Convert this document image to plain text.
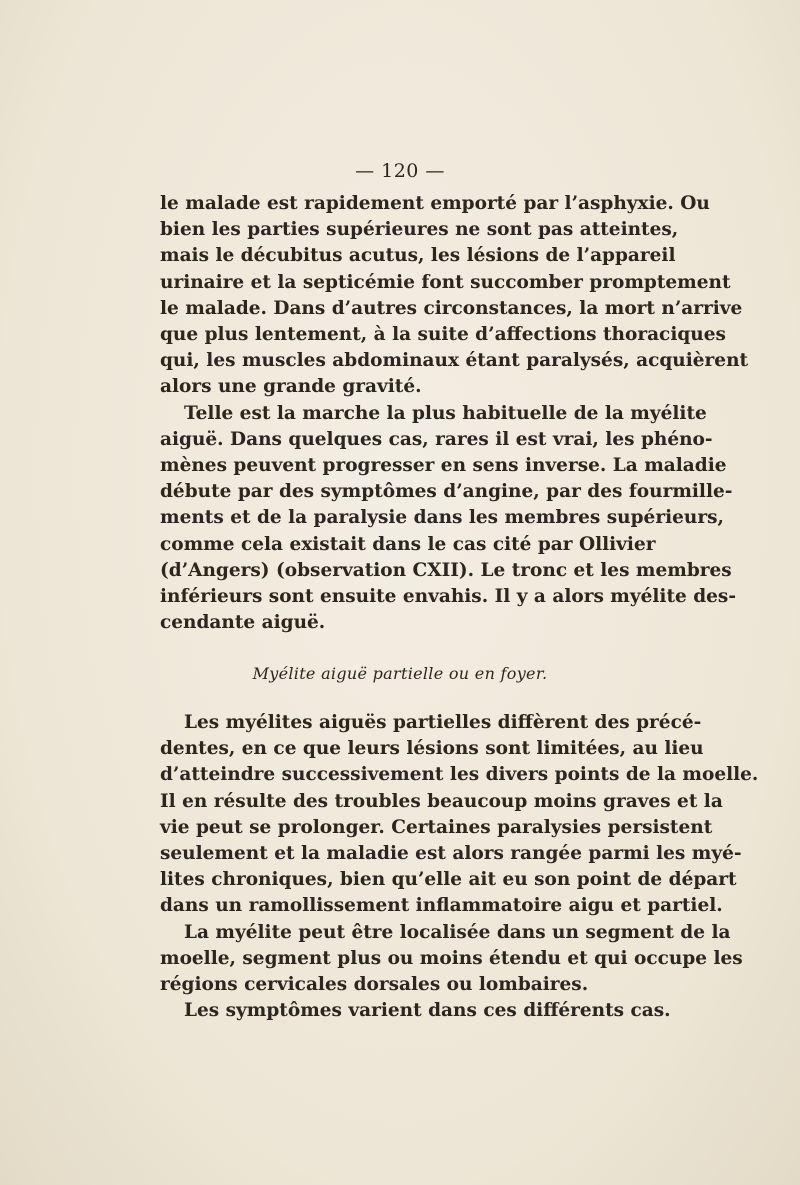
— 120 —
le malade est rapidement emporté par l’asphyxie. Ou
bien les parties supérieures ne sont pas atteintes,
mais le décubitus acutus, les lésions de l’appareil
urinaire et la septicémie font succomber promptement
le malade. Dans d’autres circonstances, la mort n’arrive
que plus lentement, à la suite d’affections thoraciques
qui, les muscles abdominaux étant paralysés, acquièrent
alors une grande gravité.
Telle est la marche la plus habituelle de la myélite
aiguë. Dans quelques cas, rares il est vrai, les phéno-
mènes peuvent progresser en sens inverse. La maladie
débute par des symptômes d’angine, par des fourmille-
ments et de la paralysie dans les membres supérieurs,
comme cela existait dans le cas cité par Ollivier
(d’Angers) (observation CXII). Le tronc et les membres
inférieurs sont ensuite envahis. Il y a alors myélite des-
cendante aiguë.
Myélite aiguë partielle ou en foyer.
Les myélites aiguës partielles diffèrent des précé-
dentes, en ce que leurs lésions sont limitées, au lieu
d’atteindre successivement les divers points de la moelle.
Il en résulte des troubles beaucoup moins graves et la
vie peut se prolonger. Certaines paralysies persistent
seulement et la maladie est alors rangée parmi les myé-
lites chroniques, bien qu’elle ait eu son point de départ
dans un ramollissement inflammatoire aigu et partiel.
La myélite peut être localisée dans un segment de la
moelle, segment plus ou moins étendu et qui occupe les
régions cervicales dorsales ou lombaires.
Les symptômes varient dans ces différents cas.
